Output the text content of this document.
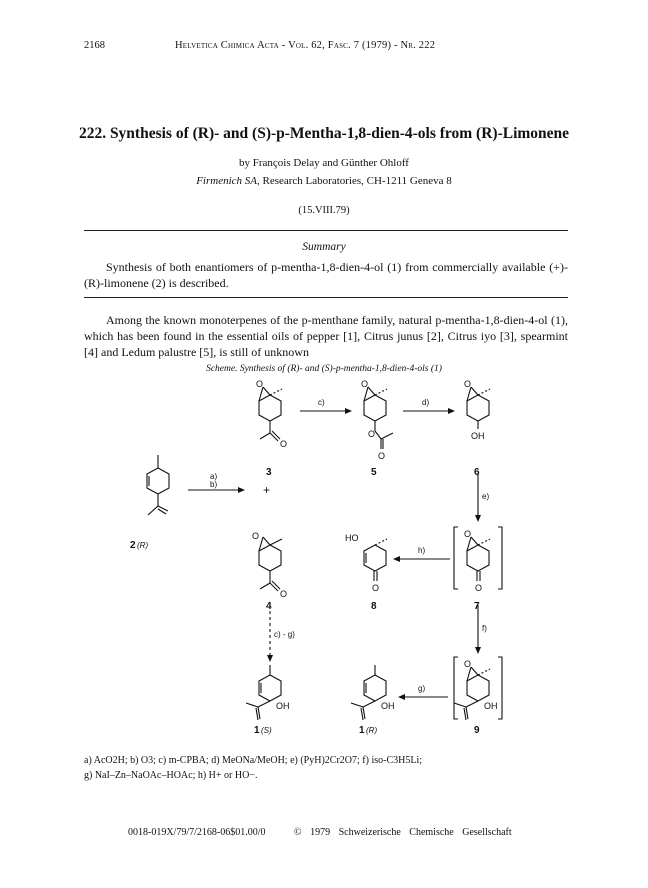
2168	Helvetica Chimica Acta - Vol. 62, Fasc. 7 (1979) - Nr. 222
222. Synthesis of (R)- and (S)-p-Mentha-1,8-dien-4-ols from (R)-Limonene
by François Delay and Günther Ohloff
Firmenich SA, Research Laboratories, CH-1211 Geneva 8
(15.VIII.79)
Summary
Synthesis of both enantiomers of p-mentha-1,8-dien-4-ol (1) from commercially available (+)-(R)-limonene (2) is described.
Among the known monoterpenes of the p-menthane family, natural p-mentha-1,8-dien-4-ol (1), which has been found in the essential oils of pepper [1], Citrus junus [2], Citrus iyo [3], spearmint [4] and Ledum palustre [5], is still of unknown
Scheme. Synthesis of (R)- and (S)-p-mentha-1,8-dien-4-ols (1)
O
O
O
O
O
O
OH
O
O
HO
O
O
O
OH	OH
O
OH
c)	d)
a)
b)	+	e)
h)
f)
c) - g)
g)
3	5	6
2
4	8	7
1	1	9
(R)
(S)	(R)
a) AcO2H; b) O3; c) m-CPBA; d) MeONa/MeOH; e) (PyH)2Cr2O7; f) iso-C3H5Li;
g) NaI–Zn–NaOAc–HOAc; h) H+ or HO−.
0018-019X/79/7/2168-06$01.00/0	© 1979 Schweizerische Chemische Gesellschaft
